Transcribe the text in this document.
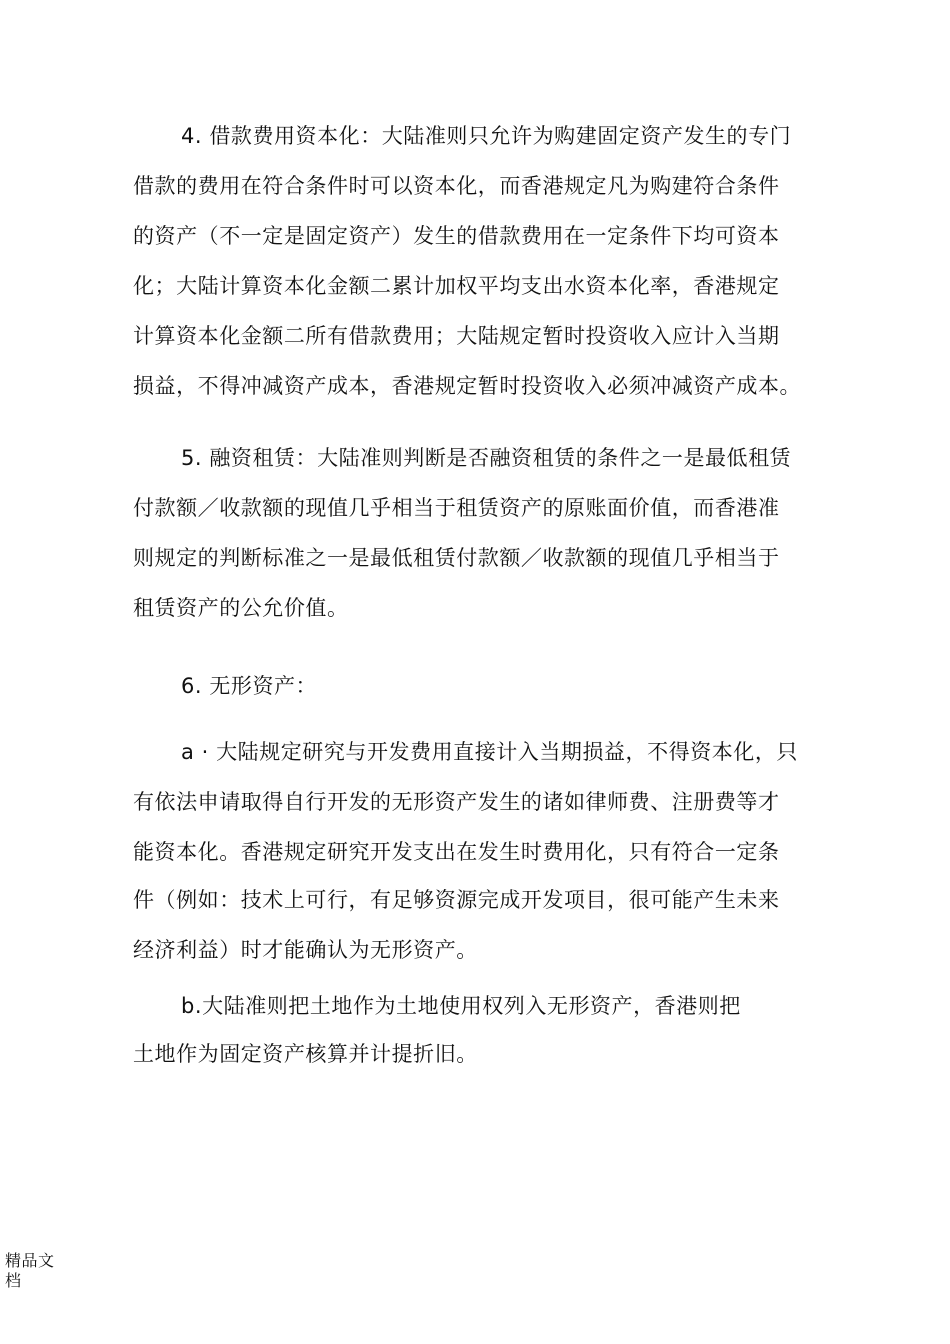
4. 借款费用资本化：大陆准则只允许为购建固定资产发生的专门
借款的费用在符合条件时可以资本化，而香港规定凡为购建符合条件
的资产（不一定是固定资产）发生的借款费用在一定条件下均可资本
化；大陆计算资本化金额二累计加权平均支出水资本化率，香港规定
计算资本化金额二所有借款费用；大陆规定暂时投资收入应计入当期
损益，不得冲减资产成本，香港规定暂时投资收入必须冲减资产成本。
5. 融资租赁：大陆准则判断是否融资租赁的条件之一是最低租赁
付款额／收款额的现值几乎相当于租赁资产的原账面价值，而香港准
则规定的判断标准之一是最低租赁付款额／收款额的现值几乎相当于
租赁资产的公允价值。
6. 无形资产：
a · 大陆规定研究与开发费用直接计入当期损益，不得资本化，只
有依法申请取得自行开发的无形资产发生的诸如律师费、注册费等才
能资本化。香港规定研究开发支出在发生时费用化，只有符合一定条
件（例如：技术上可行，有足够资源完成开发项目，很可能产生未来
经济利益）时才能确认为无形资产。
b.大陆准则把土地作为土地使用权列入无形资产，香港则把
土地作为固定资产核算并计提折旧。
精品文
档
